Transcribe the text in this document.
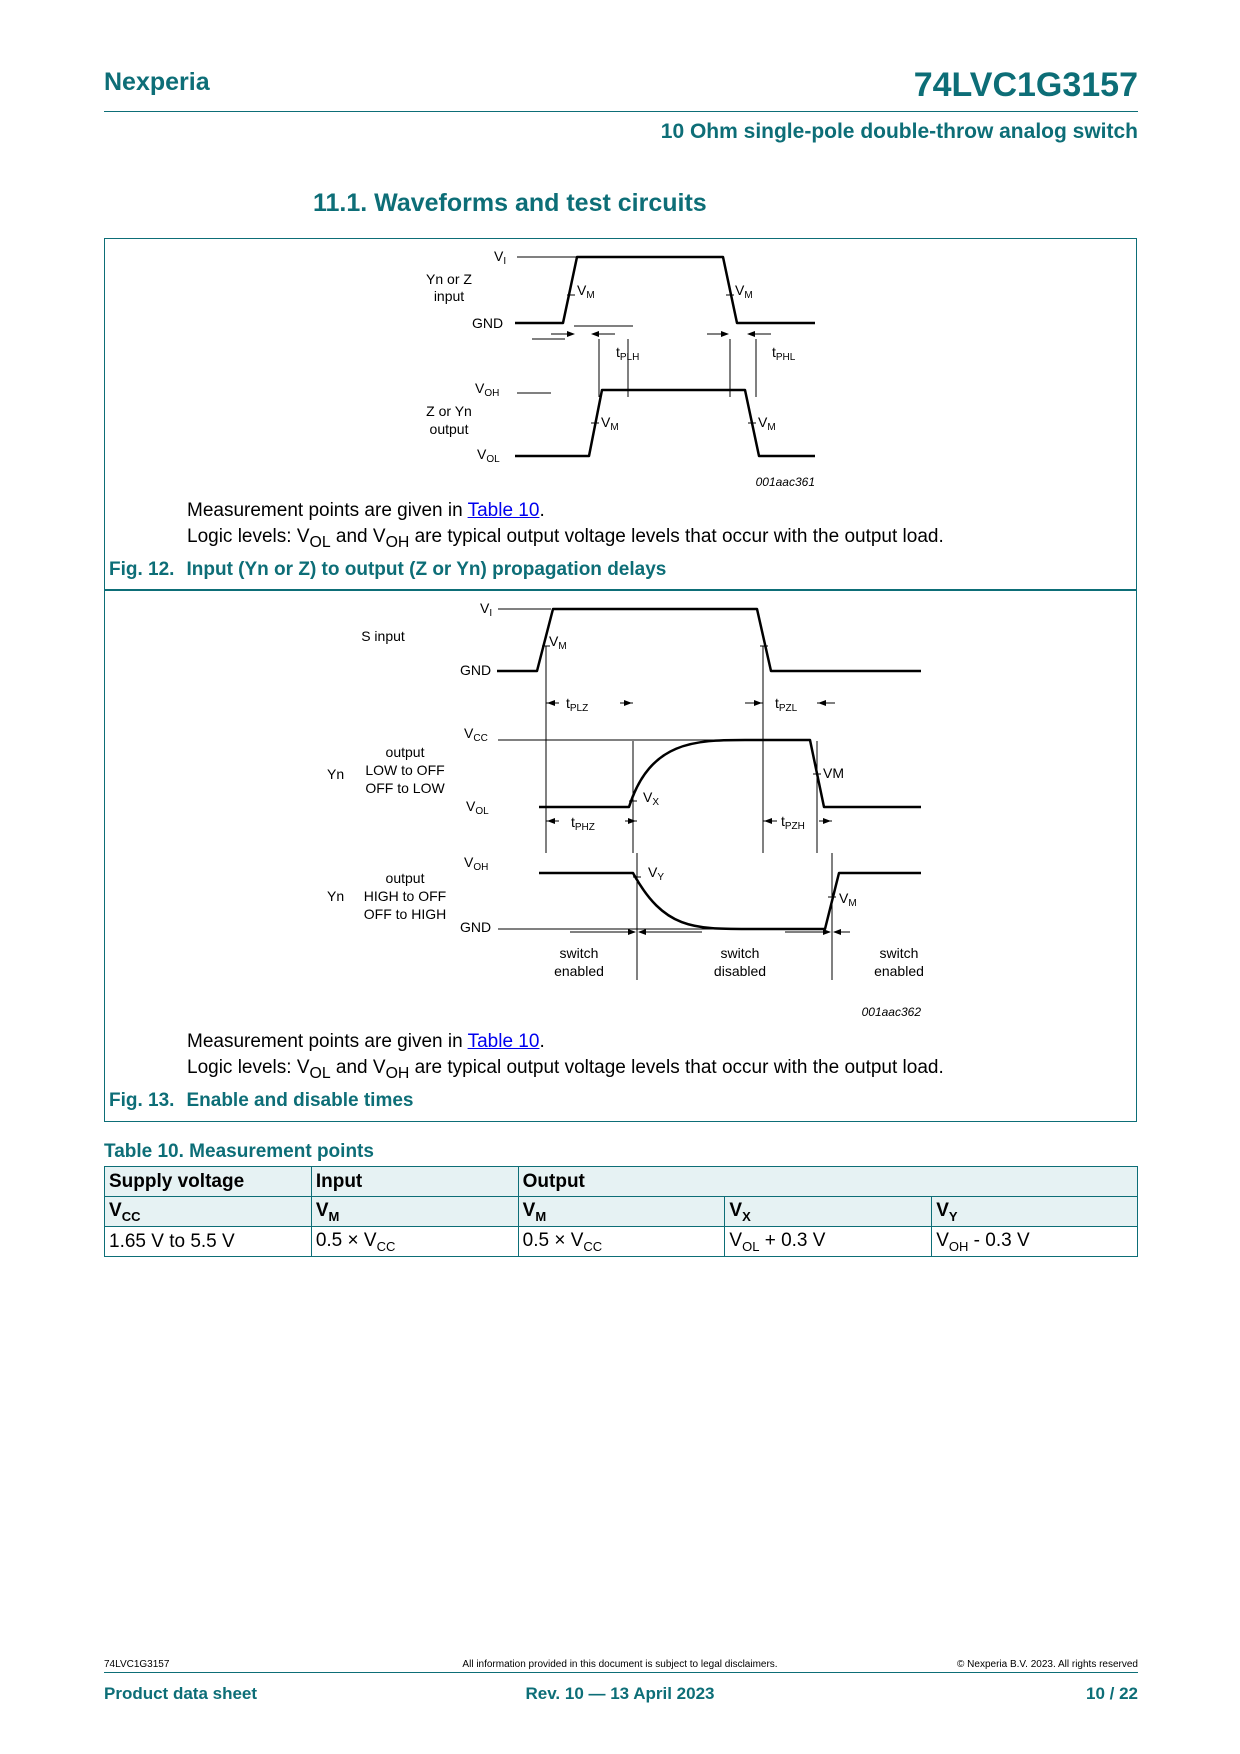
Nexperia	74LVC1G3157
10 Ohm single-pole double-throw analog switch
11.1. Waveforms and test circuits
$V_I$
Yn or Z
input
GND
$V_M$	$V_M$
$t_{PLH}$	$t_{PHL}$
$V_{OH}$
Z or Yn
output	$V_M$	$V_M$
$V_{OL}$
001aac361
Measurement points are given in Table 10.
Logic levels: $V_{OL}$ and $V_{OH}$ are typical output voltage levels that occur with the output load.
Fig. 12. Input (Yn or Z) to output (Z or Yn) propagation delays
$V_I$
S input
GND
$V_M$
$t_{PLZ}$	$t_{PZL}$
$V_{CC}$
Yn
output
LOW to OFF
OFF to LOW
VM
$V_X$
$V_{OL}$
$t_{PHZ}$	$t_{PZH}$
$V_{OH}$	$V_Y$
Yn
output
HIGH to OFF
OFF to HIGH
$V_M$
GND
switch
enabled
switch
disabled
switch
enabled
001aac362
Measurement points are given in Table 10.
Logic levels: $V_{OL}$ and $V_{OH}$ are typical output voltage levels that occur with the output load.
Fig. 13. Enable and disable times
Table 10. Measurement points
Supply voltage	Input	Output		
$V_{CC}$	$V_M$	$V_M$	$V_X$	$V_Y$
1.65 V to 5.5 V	$0.5 \times V_{CC}$	$0.5 \times V_{CC}$	$V_{OL} + 0.3$ V	$V_{OH} - 0.3$ V
74LVC1G3157	All information provided in this document is subject to legal disclaimers.	© Nexperia B.V. 2023. All rights reserved
Product data sheet	Rev. 10 — 13 April 2023	10 / 22
